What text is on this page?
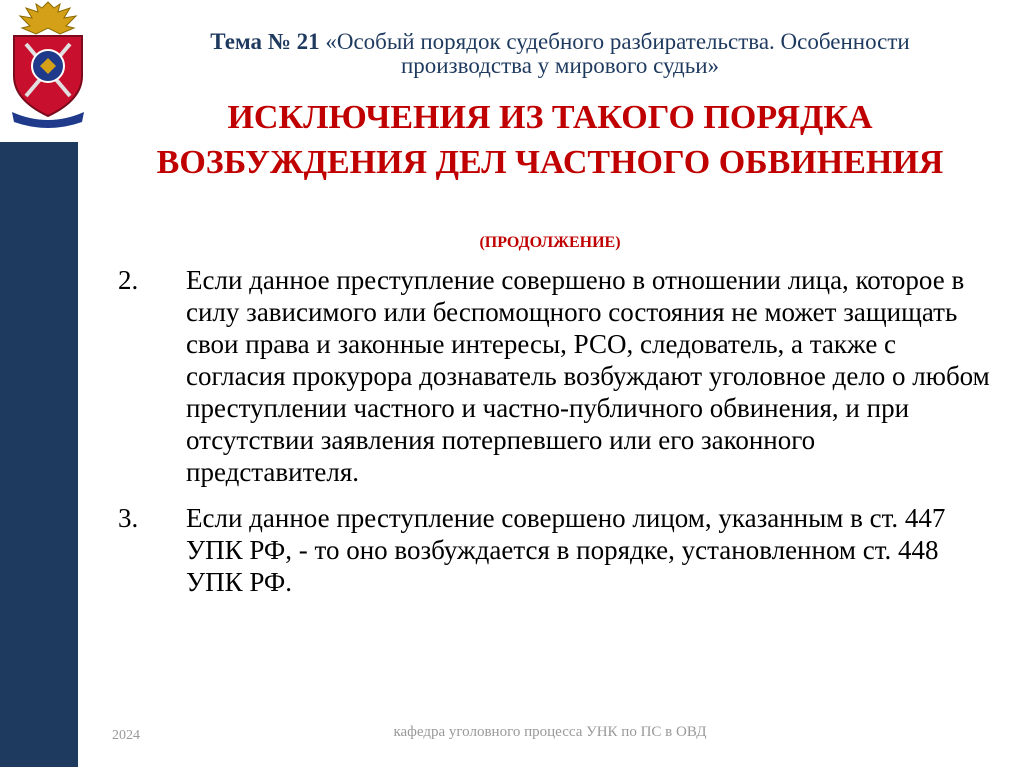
Тема № 21 «Особый порядок судебного разбирательства. Особенности производства у мирового судьи»
ИСКЛЮЧЕНИЯ ИЗ ТАКОГО ПОРЯДКА ВОЗБУЖДЕНИЯ ДЕЛ ЧАСТНОГО ОБВИНЕНИЯ
(ПРОДОЛЖЕНИЕ)
2. Если данное преступление совершено в отношении лица, которое в силу зависимого или беспомощного состояния не может защищать свои права и законные интересы, РСО, следователь, а также с согласия прокурора дознаватель возбуждают уголовное дело о любом преступлении частного и частно-публичного обвинения, и при отсутствии заявления потерпевшего или его законного представителя.
3. Если данное преступление совершено лицом, указанным в ст. 447 УПК РФ, - то оно возбуждается в порядке, установленном ст. 448 УПК РФ.
2024	кафедра уголовного процесса УНК по ПС в ОВД
